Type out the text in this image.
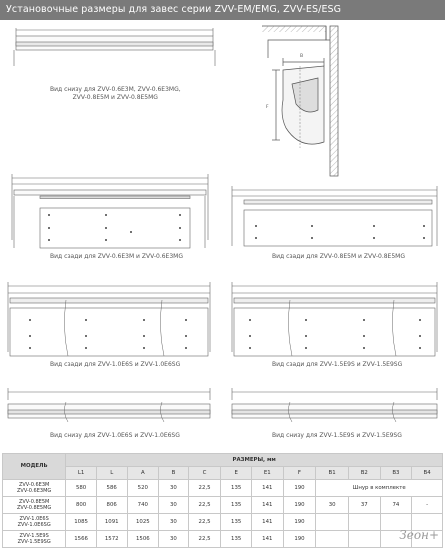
Установочные размеры для завес серии ZVV-EM/EMG, ZVV-ES/ESG
B
F
Вид снизу для ZVV-0.6E3M, ZVV-0.6E3MG,
ZVV-0.8E5M и ZVV-0.8E5MG
Вид сзади для ZVV-0.6E3M и ZVV-0.6E3MG	Вид сзади для ZVV-0.8E5M и ZVV-0.8E5MG
Вид сзади для ZVV-1.0E6S и ZVV-1.0E6SG	Вид сзади для ZVV-1.5E9S и ZVV-1.5E9SG
Вид снизу для ZVV-1.0E6S и ZVV-1.0E6SG	Вид снизу для ZVV-1.5E9S и ZVV-1.5E9SG
МОДЕЛЬ	РАЗМЕРЫ, мм											
	L1	L	A	B	C	E	E1	F	B1	B2	B3	B4

ZVV-0.6E3M
ZVV-0.6E3MG	580	586	520	30	22,5	135	141	190	Шнур в комплекте			

ZVV-0.8E5M
ZVV-0.8E5MG	800	806	740	30	22,5	135	141	190	30	37	74	-

ZVV-1.0E6S
ZVV-1.0E6SG	1085	1091	1025	30	22,5	135	141	190				

ZVV-1.5E9S
ZVV-1.5E9SG	1566	1572	1506	30	22,5	135	141	190					Зеон+
